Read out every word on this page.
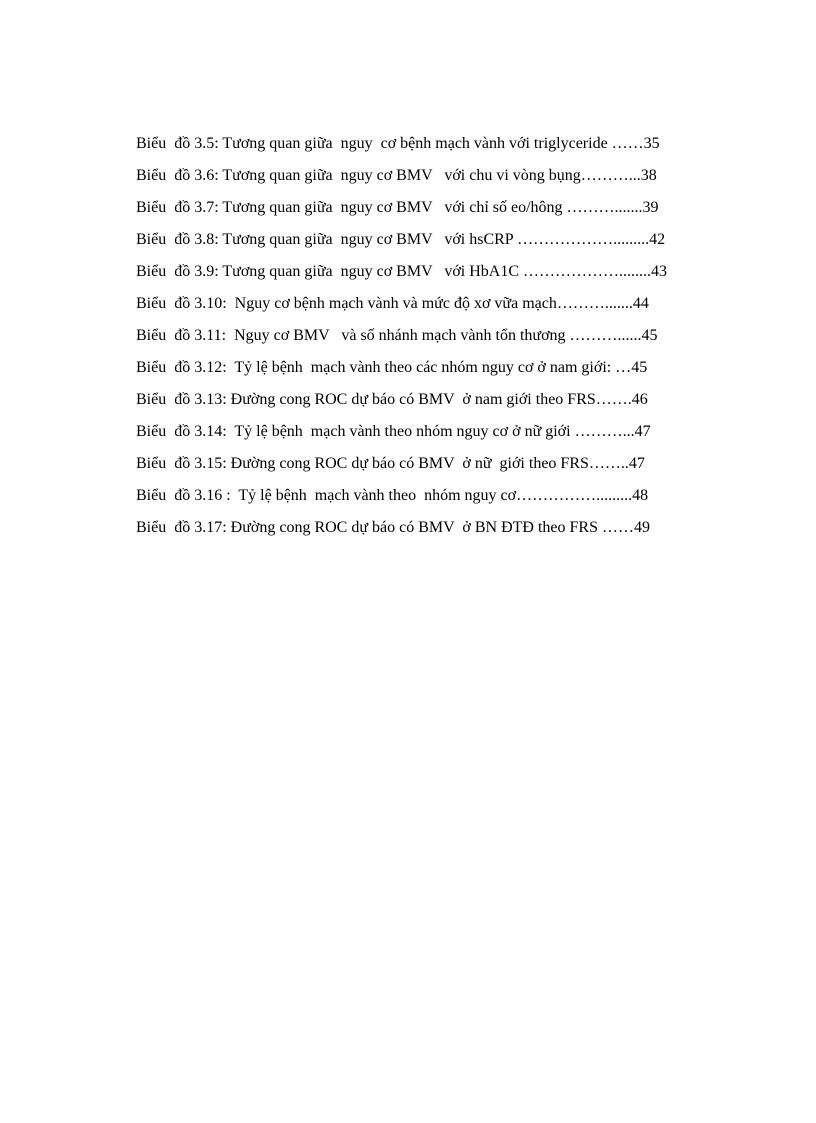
Biểu  đồ 3.5: Tương quan giữa  nguy  cơ bệnh mạch vành với triglyceride ……35
Biểu  đồ 3.6: Tương quan giữa  nguy cơ BMV   với chu vi vòng bụng………...38
Biểu  đồ 3.7: Tương quan giữa  nguy cơ BMV   với chỉ số eo/hông ……….......39
Biểu  đồ 3.8: Tương quan giữa  nguy cơ BMV   với hsCRP ……………….........42
Biểu  đồ 3.9: Tương quan giữa  nguy cơ BMV   với HbA1C ………………........43
Biểu  đồ 3.10:  Nguy cơ bệnh mạch vành và mức độ xơ vữa mạch……….......44
Biểu  đồ 3.11:  Nguy cơ BMV   và số nhánh mạch vành tổn thương ………......45
Biểu  đồ 3.12:  Tỷ lệ bệnh  mạch vành theo các nhóm nguy cơ ở nam giới: …45
Biểu  đồ 3.13: Đường cong ROC dự báo có BMV  ở nam giới theo FRS…….46
Biểu  đồ 3.14:  Tỷ lệ bệnh  mạch vành theo nhóm nguy cơ ở nữ giới ………...47
Biểu  đồ 3.15: Đường cong ROC dự báo có BMV  ở nữ  giới theo FRS……..47
Biểu  đồ 3.16 :  Tỷ lệ bệnh  mạch vành theo  nhóm nguy cơ…………….........48
Biểu  đồ 3.17: Đường cong ROC dự báo có BMV  ở BN ĐTĐ theo FRS ……49
